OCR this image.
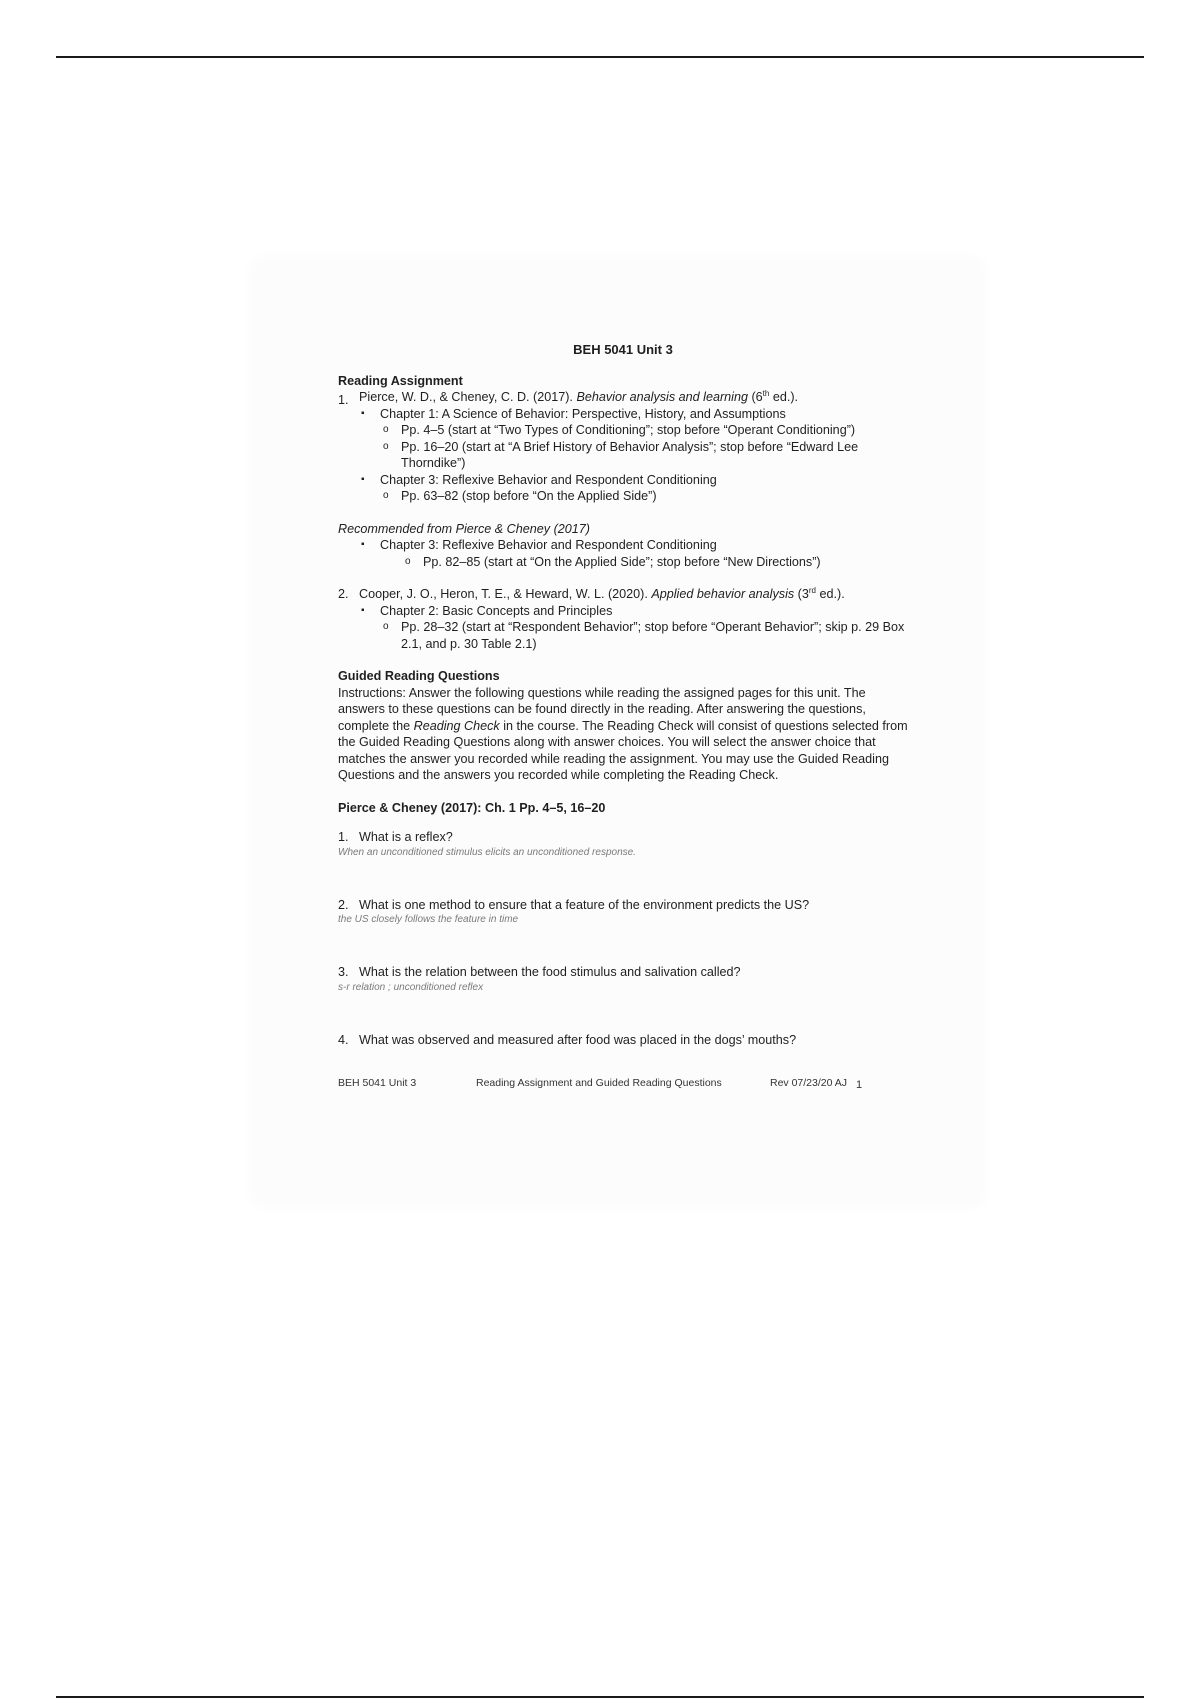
BEH 5041 Unit 3
Reading Assignment
1. Pierce, W. D., & Cheney, C. D. (2017). Behavior analysis and learning (6th ed.).
▪ Chapter 1: A Science of Behavior: Perspective, History, and Assumptions
o Pp. 4–5 (start at “Two Types of Conditioning”; stop before “Operant Conditioning”)
o Pp. 16–20 (start at “A Brief History of Behavior Analysis”; stop before “Edward Lee Thorndike”)
▪ Chapter 3: Reflexive Behavior and Respondent Conditioning
o Pp. 63–82 (stop before “On the Applied Side”)
Recommended from Pierce & Cheney (2017)
▪ Chapter 3: Reflexive Behavior and Respondent Conditioning
o Pp. 82–85 (start at “On the Applied Side”; stop before “New Directions”)
2. Cooper, J. O., Heron, T. E., & Heward, W. L. (2020). Applied behavior analysis (3rd ed.).
▪ Chapter 2: Basic Concepts and Principles
o Pp. 28–32 (start at “Respondent Behavior”; stop before “Operant Behavior”; skip p. 29 Box 2.1, and p. 30 Table 2.1)
Guided Reading Questions

Instructions: Answer the following questions while reading the assigned pages for this unit. The answers to these questions can be found directly in the reading. After answering the questions, complete the Reading Check in the course. The Reading Check will consist of questions selected from the Guided Reading Questions along with answer choices. You will select the answer choice that matches the answer you recorded while reading the assignment. You may use the Guided Reading Questions and the answers you recorded while completing the Reading Check.

Pierce & Cheney (2017): Ch. 1 Pp. 4–5, 16–20
1. What is a reflex?
When an unconditioned stimulus elicits an unconditioned response.
2. What is one method to ensure that a feature of the environment predicts the US?
the US closely follows the feature in time
3. What is the relation between the food stimulus and salivation called?
s-r relation ; unconditioned reflex
4. What was observed and measured after food was placed in the dogs’ mouths?
BEH 5041 Unit 3	Reading Assignment and Guided Reading Questions	Rev 07/23/20 AJ 1
